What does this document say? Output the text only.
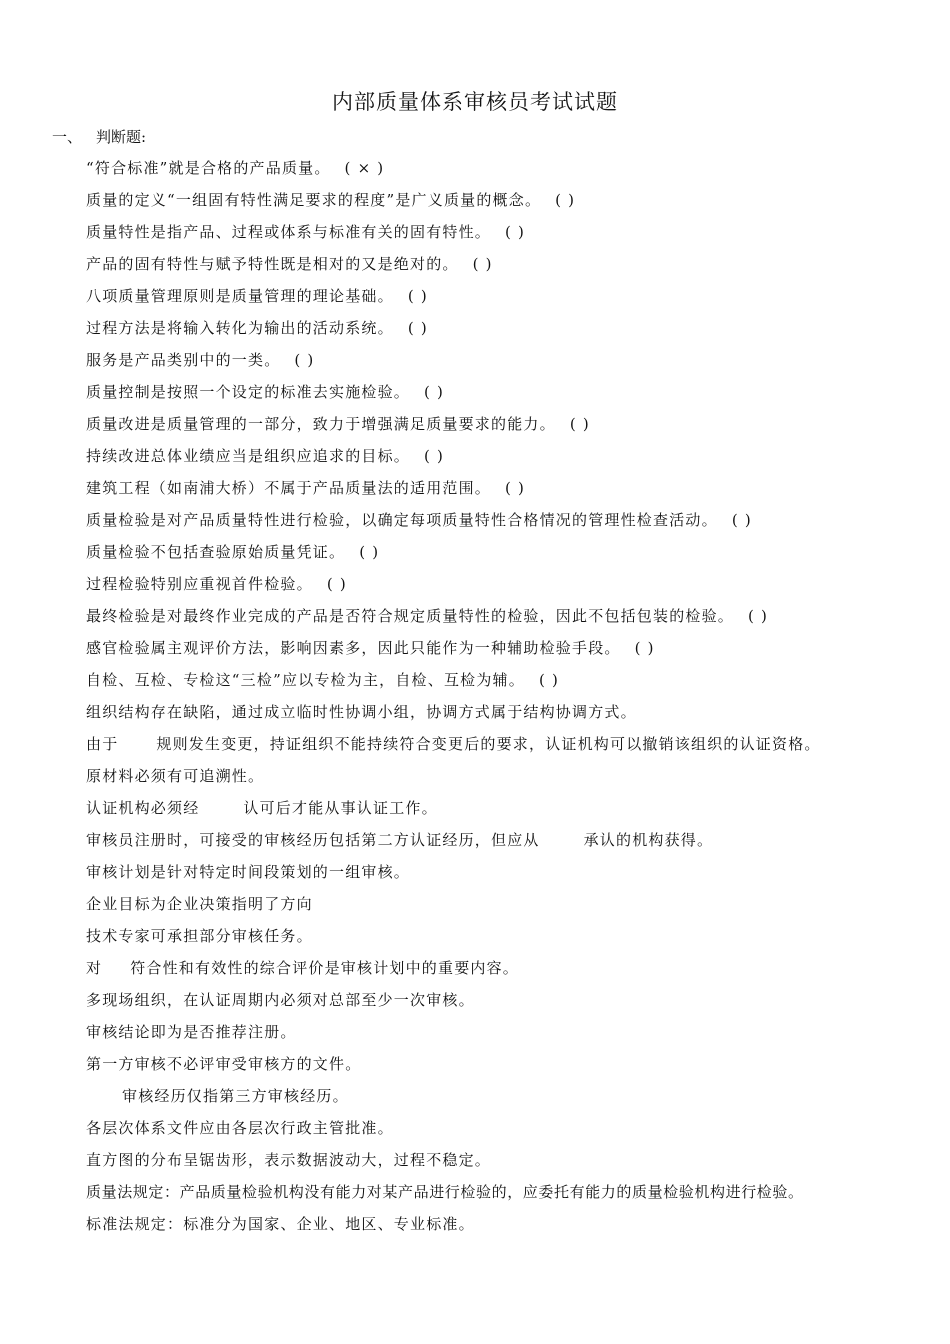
内部质量体系审核员考试试题
一、 判断题:
“符合标准”就是合格的产品质量。 ( × )
质量的定义“一组固有特性满足要求的程度”是广义质量的概念。 ( )
质量特性是指产品、过程或体系与标准有关的固有特性。 ( )
产品的固有特性与赋予特性既是相对的又是绝对的。 ( )
八项质量管理原则是质量管理的理论基础。 ( )
过程方法是将输入转化为输出的活动系统。 ( )
服务是产品类别中的一类。 ( )
质量控制是按照一个设定的标准去实施检验。 ( )
质量改进是质量管理的一部分，致力于增强满足质量要求的能力。 ( )
持续改进总体业绩应当是组织应追求的目标。 ( )
建筑工程（如南浦大桥）不属于产品质量法的适用范围。 ( )
质量检验是对产品质量特性进行检验，以确定每项质量特性合格情况的管理性检查活动。 ( )
质量检验不包括查验原始质量凭证。 ( )
过程检验特别应重视首件检验。 ( )
最终检验是对最终作业完成的产品是否符合规定质量特性的检验，因此不包括包装的检验。 ( )
感官检验属主观评价方法，影响因素多，因此只能作为一种辅助检验手段。 ( )
自检、互检、专检这“三检”应以专检为主，自检、互检为辅。 ( )
组织结构存在缺陷，通过成立临时性协调小组，协调方式属于结构协调方式。
由于	规则发生变更，持证组织不能持续符合变更后的要求，认证机构可以撤销该组织的认证资格。
原材料必须有可追溯性。
认证机构必须经	认可后才能从事认证工作。
审核员注册时，可接受的审核经历包括第二方认证经历，但应从	承认的机构获得。
审核计划是针对特定时间段策划的一组审核。
企业目标为企业决策指明了方向
技术专家可承担部分审核任务。
对 符合性和有效性的综合评价是审核计划中的重要内容。
多现场组织，在认证周期内必须对总部至少一次审核。
审核结论即为是否推荐注册。
第一方审核不必评审受审核方的文件。
审核经历仅指第三方审核经历。
各层次体系文件应由各层次行政主管批准。
直方图的分布呈锯齿形，表示数据波动大，过程不稳定。
质量法规定：产品质量检验机构没有能力对某产品进行检验的，应委托有能力的质量检验机构进行检验。
标准法规定：标准分为国家、企业、地区、专业标准。
